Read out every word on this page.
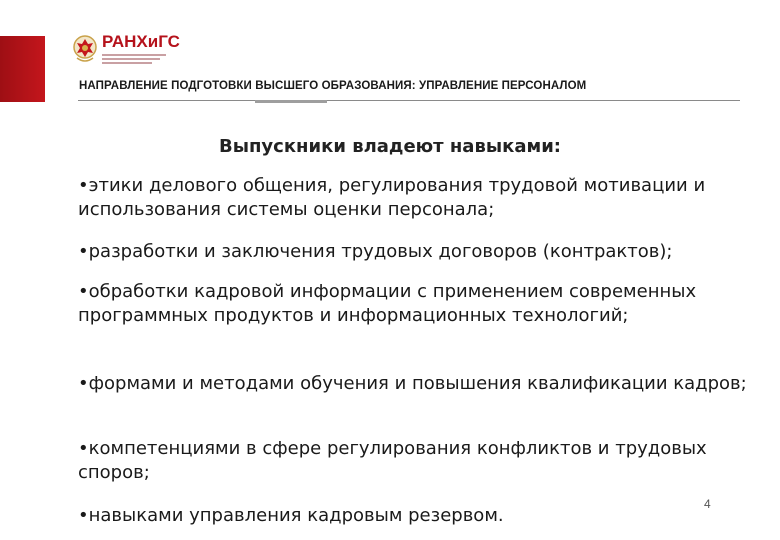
РАНХиГС
НАПРАВЛЕНИЕ ПОДГОТОВКИ ВЫСШЕГО ОБРАЗОВАНИЯ: УПРАВЛЕНИЕ ПЕРСОНАЛОМ
Выпускники владеют навыками:
•этики делового общения, регулирования трудовой мотивации и использования системы оценки персонала;
•разработки и заключения трудовых договоров (контрактов);
•обработки кадровой информации с применением современных программных продуктов и информационных технологий;
•формами и методами обучения и повышения квалификации кадров;
•компетенциями в сфере регулирования конфликтов и трудовых споров;
•навыками управления кадровым резервом.
4
